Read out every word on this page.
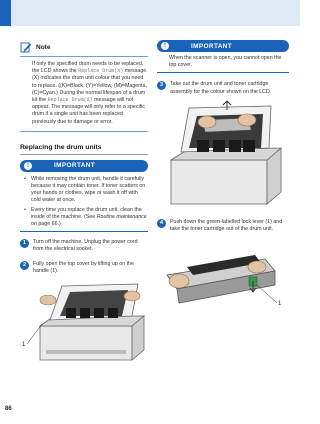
Note

If only the specified drum needs to be replaced, the LCD shows the Replace Drum(X) message. (X) indicates the drum unit colour that you need to replace. ((K)=Black, (Y)=Yellow, (M)=Magenta, (C)=Cyan.) During the normal lifespan of a drum kit the Replace Drum(X) message will not appear. The message will only refer to a specific drum if a single unit has been replaced previously due to damage or error.

Replacing the drum units
!	IMPORTANT
• While removing the drum unit, handle it carefully because it may contain toner. If toner scatters on your hands or clothes, wipe or wash it off with cold water at once.
• Every time you replace the drum unit, clean the inside of the machine. (See Routine maintenance on page 66.)
1	Turn off the machine. Unplug the power cord from the electrical socket.
2	Fully open the top cover by lifting up on the handle (1).
1
!	IMPORTANT

When the scanner is open, you cannot open the top cover.

3	Take out the drum unit and toner cartridge assembly for the colour shown on the LCD.
4	Push down the green-labelled lock lever (1) and take the toner cartridge out of the drum unit.
1
86
